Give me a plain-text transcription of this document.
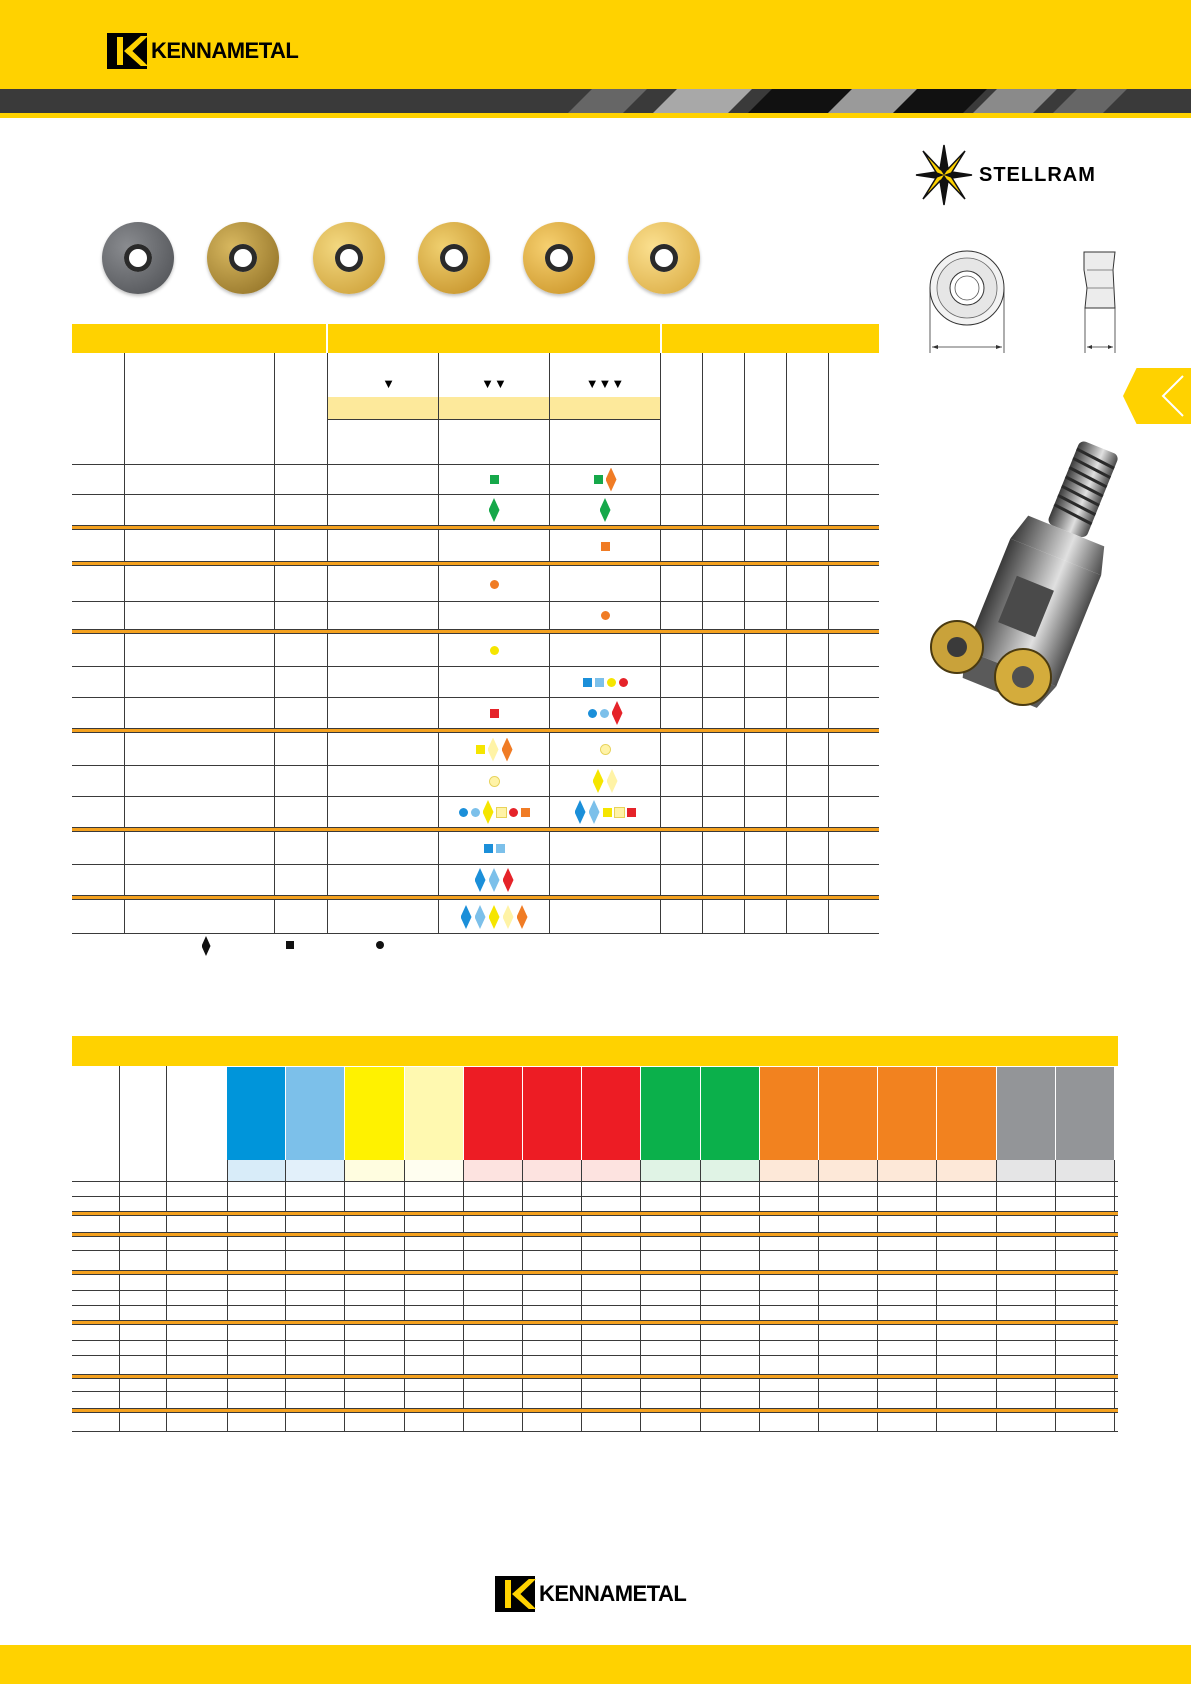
KENNAMETAL
STELLRAM
▼	▼▼	▼▼▼
KENNAMETAL
